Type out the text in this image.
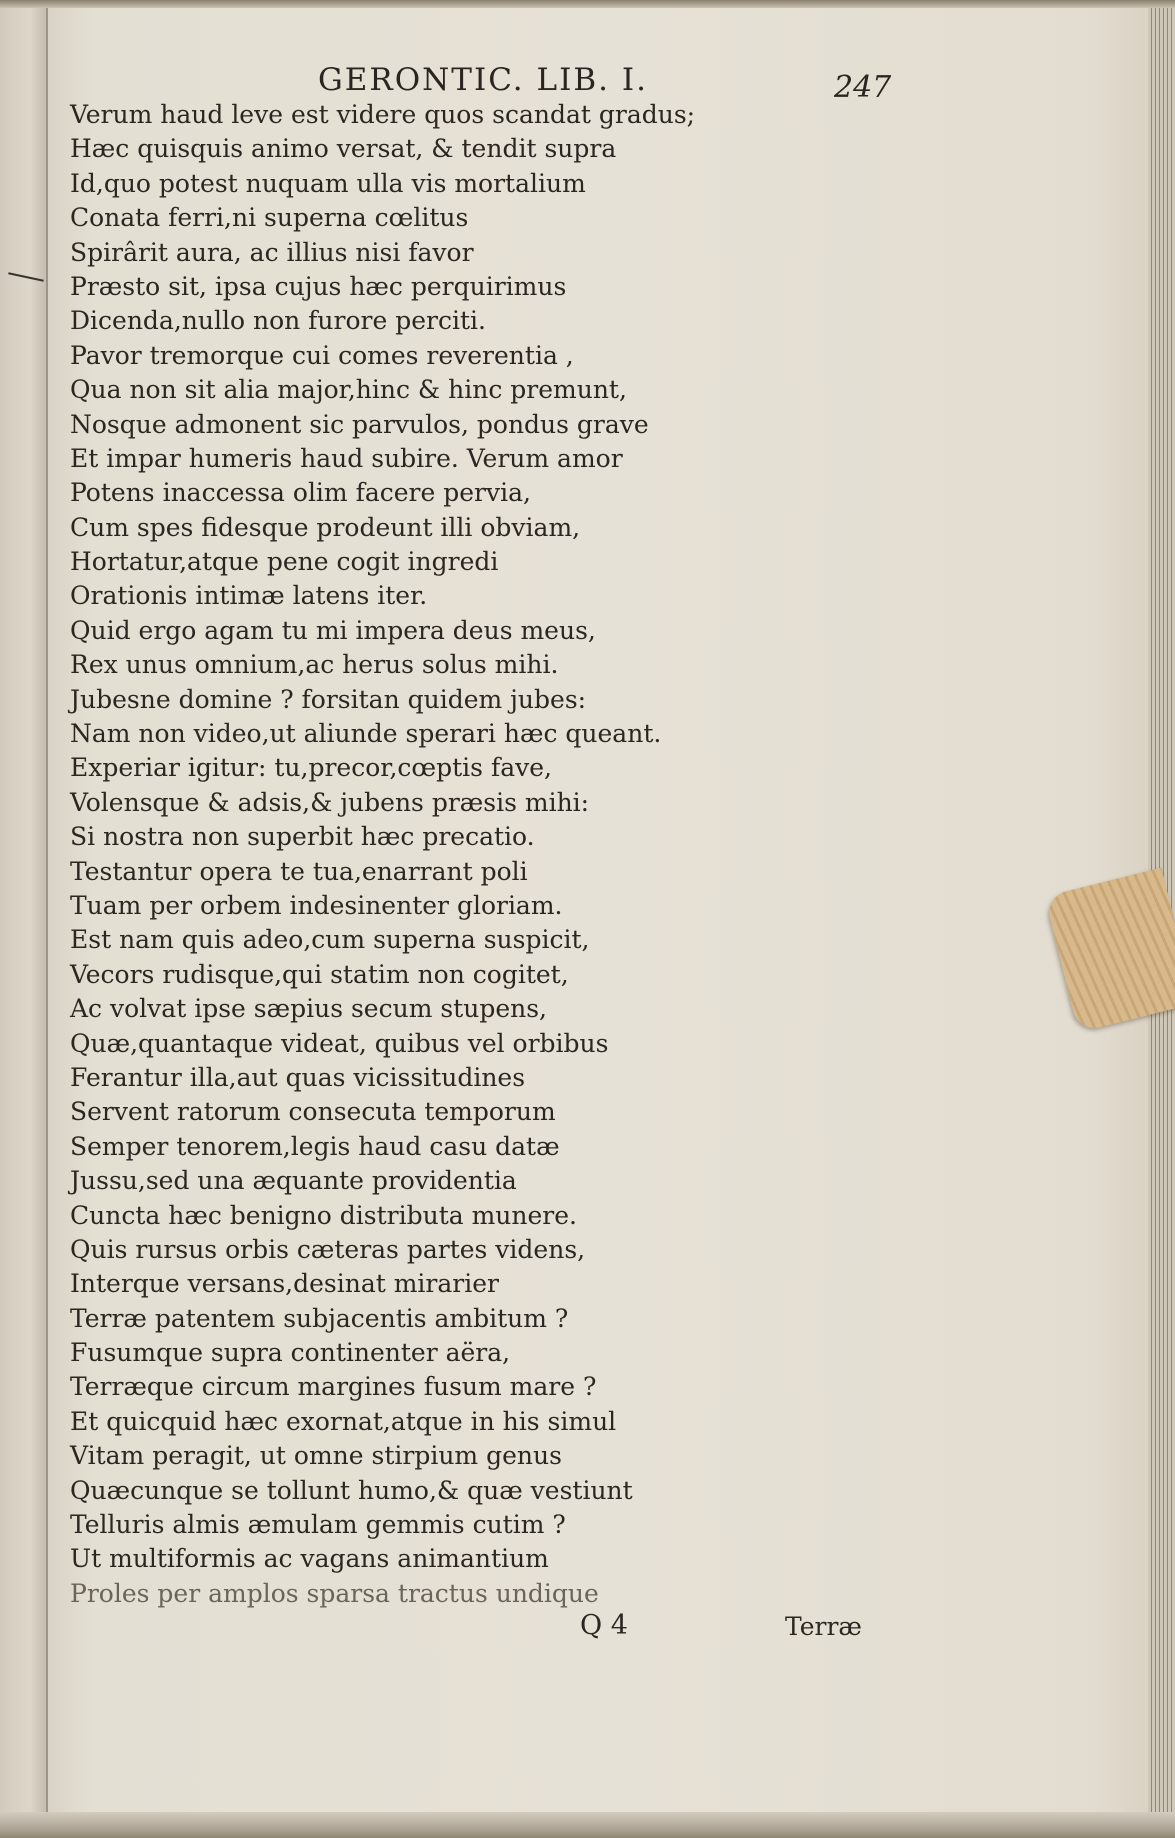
GERONTIC. LIB. I.	247
Verum haud leve est videre quos scandat gradus;
Hæc quisquis animo versat, & tendit supra
Id,quo potest nuquam ulla vis mortalium
Conata ferri,ni superna cœlitus
Spirârit aura, ac illius nisi favor
Præsto sit, ipsa cujus hæc perquirimus
Dicenda,nullo non furore perciti.
Pavor tremorque cui comes reverentia ,
Qua non sit alia major,hinc & hinc premunt,
Nosque admonent sic parvulos, pondus grave
Et impar humeris haud subire. Verum amor
Potens inaccessa olim facere pervia,
Cum spes fidesque prodeunt illi obviam,
Hortatur,atque pene cogit ingredi
Orationis intimæ latens iter.
Quid ergo agam tu mi impera deus meus,
Rex unus omnium,ac herus solus mihi.
Jubesne domine ? forsitan quidem jubes:
Nam non video,ut aliunde sperari hæc queant.
Experiar igitur: tu,precor,cœptis fave,
Volensque & adsis,& jubens præsis mihi:
Si nostra non superbit hæc precatio.
Testantur opera te tua,enarrant poli
Tuam per orbem indesinenter gloriam.
Est nam quis adeo,cum superna suspicit,
Vecors rudisque,qui statim non cogitet,
Ac volvat ipse sæpius secum stupens,
Quæ,quantaque videat, quibus vel orbibus
Ferantur illa,aut quas vicissitudines
Servent ratorum consecuta temporum
Semper tenorem,legis haud casu datæ
Jussu,sed una æquante providentia
Cuncta hæc benigno distributa munere.
Quis rursus orbis cæteras partes videns,
Interque versans,desinat mirarier
Terræ patentem subjacentis ambitum ?
Fusumque supra continenter aëra,
Terræque circum margines fusum mare ?
Et quicquid hæc exornat,atque in his simul
Vitam peragit, ut omne stirpium genus
Quæcunque se tollunt humo,& quæ vestiunt
Telluris almis æmulam gemmis cutim ?
Ut multiformis ac vagans animantium
Proles per amplos sparsa tractus undique
Q 4	Terræ
